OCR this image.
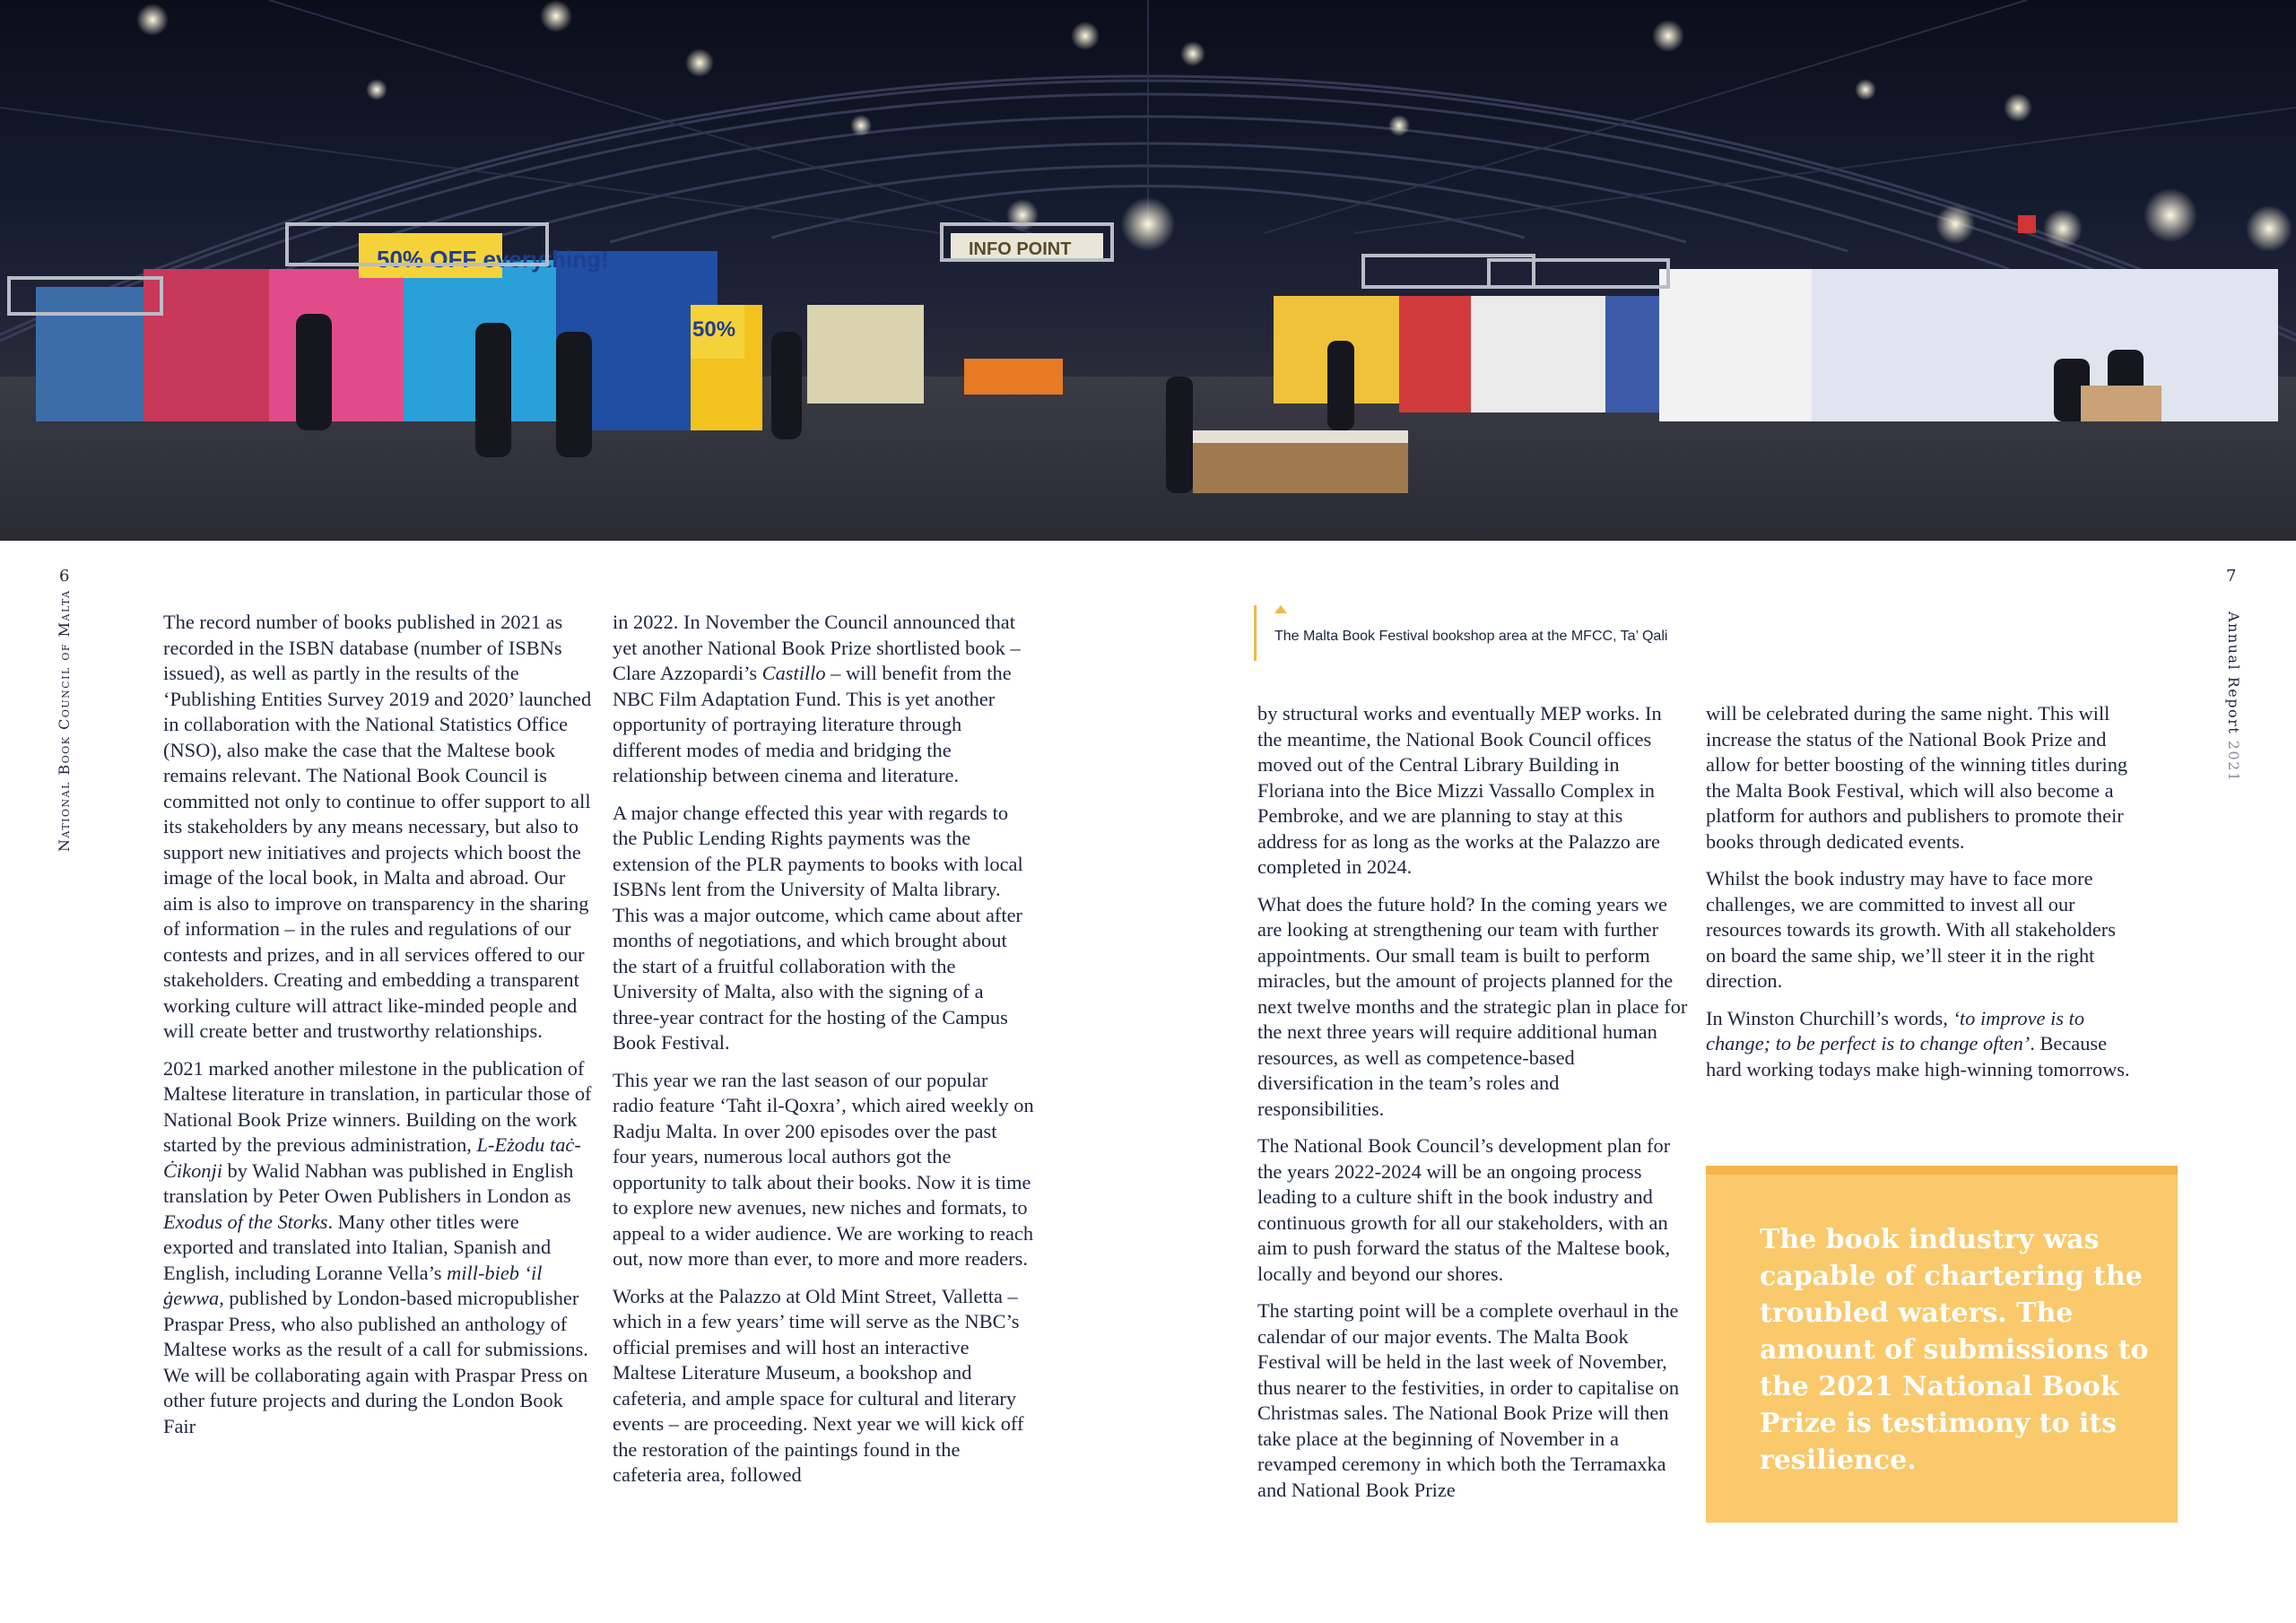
50% OFF everything!
50%
INFO POINT
6
National Book Council of Malta	The record number of books published in 2021 as recorded in the ISBN database (number of ISBNs issued), as well as partly in the results of the ‘Publishing Entities Survey 2019 and 2020’ launched in collaboration with the National Statistics Office (NSO), also make the case that the Maltese book remains relevant. The National Book Council is committed not only to continue to offer support to all its stakeholders by any means necessary, but also to support new initiatives and projects which boost the image of the local book, in Malta and abroad. Our aim is also to improve on transparency in the sharing of information – in the rules and regulations of our contests and prizes, and in all services offered to our stakeholders. Creating and embedding a transparent working culture will attract like-minded people and will create better and trustworthy relationships.

2021 marked another milestone in the publication of Maltese literature in translation, in particular those of National Book Prize winners. Building on the work started by the previous administration, L-Eżodu taċ-Ċikonji by Walid Nabhan was published in English translation by Peter Owen Publishers in London as Exodus of the Storks. Many other titles were exported and translated into Italian, Spanish and English, including Loranne Vella’s mill-bieb ‘il ġewwa, published by London-based micropublisher Praspar Press, who also published an anthology of Maltese works as the result of a call for submissions. We will be collaborating again with Praspar Press on other future projects and during the London Book Fair

in 2022. In November the Council announced that yet another National Book Prize shortlisted book – Clare Azzopardi’s Castillo – will benefit from the NBC Film Adaptation Fund. This is yet another opportunity of portraying literature through different modes of media and bridging the relationship between cinema and literature.

A major change effected this year with regards to the Public Lending Rights payments was the extension of the PLR payments to books with local ISBNs lent from the University of Malta library. This was a major outcome, which came about after months of negotiations, and which brought about the start of a fruitful collaboration with the University of Malta, also with the signing of a three-year contract for the hosting of the Campus Book Festival.

This year we ran the last season of our popular radio feature ‘Taħt il-Qoxra’, which aired weekly on Radju Malta. In over 200 episodes over the past four years, numerous local authors got the opportunity to talk about their books. Now it is time to explore new avenues, new niches and formats, to appeal to a wider audience. We are working to reach out, now more than ever, to more and more readers.

Works at the Palazzo at Old Mint Street, Valletta – which in a few years’ time will serve as the NBC’s official premises and will host an interactive Maltese Literature Museum, a bookshop and cafeteria, and ample space for cultural and literary events – are proceeding. Next year we will kick off the restoration of the paintings found in the cafeteria area, followed

7
Annual Report 2021
The Malta Book Festival bookshop area at the MFCC, Ta’ Qali

by structural works and eventually MEP works. In the meantime, the National Book Council offices moved out of the Central Library Building in Floriana into the Bice Mizzi Vassallo Complex in Pembroke, and we are planning to stay at this address for as long as the works at the Palazzo are completed in 2024.

What does the future hold? In the coming years we are looking at strengthening our team with further appointments. Our small team is built to perform miracles, but the amount of projects planned for the next twelve months and the strategic plan in place for the next three years will require additional human resources, as well as competence-based diversification in the team’s roles and responsibilities.

The National Book Council’s development plan for the years 2022-2024 will be an ongoing process leading to a culture shift in the book industry and continuous growth for all our stakeholders, with an aim to push forward the status of the Maltese book, locally and beyond our shores.

The starting point will be a complete overhaul in the calendar of our major events. The Malta Book Festival will be held in the last week of November, thus nearer to the festivities, in order to capitalise on Christmas sales. The National Book Prize will then take place at the beginning of November in a revamped ceremony in which both the Terramaxka and National Book Prize

will be celebrated during the same night. This will increase the status of the National Book Prize and allow for better boosting of the winning titles during the Malta Book Festival, which will also become a platform for authors and publishers to promote their books through dedicated events.

Whilst the book industry may have to face more challenges, we are committed to invest all our resources towards its growth. With all stakeholders on board the same ship, we’ll steer it in the right direction.

In Winston Churchill’s words, ‘to improve is to change; to be perfect is to change often’. Because hard working todays make high-winning tomorrows.

The book industry was capable of chartering the troubled waters. The amount of submissions to the 2021 National Book Prize is testimony to its resilience.
